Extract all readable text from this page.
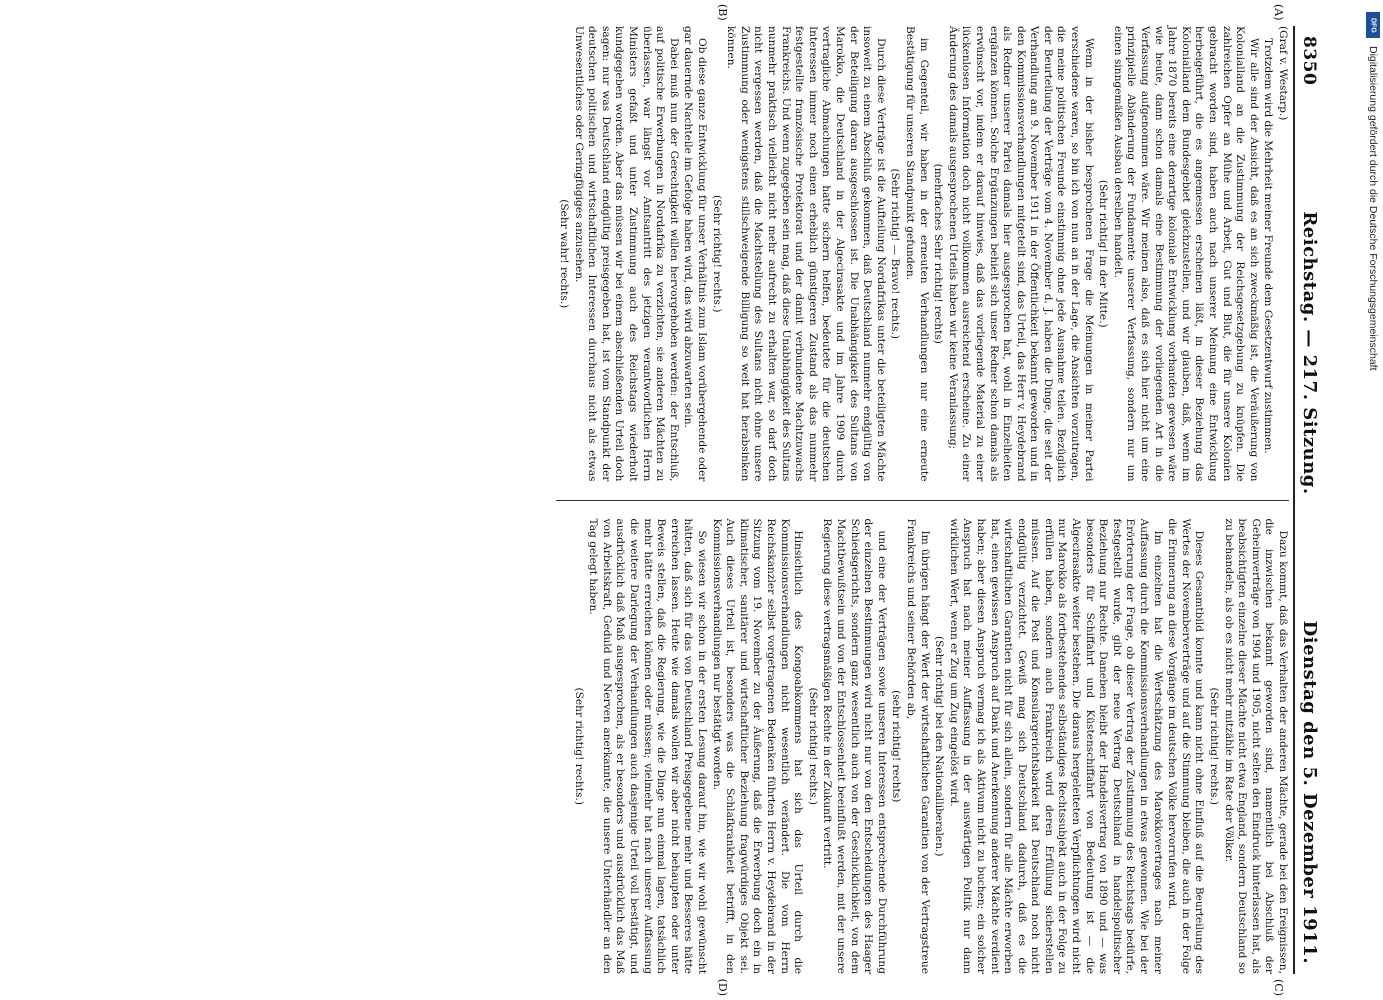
8350
Reichstag. — 217. Sitzung.
Dienstag den 5. Dezember 1911.
(A)
(B)

(Graf v. Westarp.)

Trotzdem wird die Mehrheit meiner Freunde dem Gesetzentwurf zustimmen.

Wir alle sind der Ansicht, daß es an sich zweckmäßig ist, die Veräußerung von Kolonialland an die Zustimmung der Reichsgesetzgebung zu knüpfen. Die zahlreichen Opfer an Mühe und Arbeit, Gut und Blut, die für unsere Kolonien gebracht worden sind, haben auch nach unserer Meinung eine Entwicklung herbeigeführt, die es angemessen erscheinen läßt, in dieser Beziehung das Kolonialland dem Bundesgebiet gleichzustellen, und wir glauben, daß, wenn im Jahre 1870 bereits eine derartige koloniale Entwicklung vorhanden gewesen wäre wie heute, dann schon damals eine Bestimmung der vorliegenden Art in die Verfassung aufgenommen wäre. Wir meinen also, daß es sich hier nicht um eine prinzipielle Abänderung der Fundamente unserer Verfassung, sondern nur um einen sinngemäßen Ausbau derselben handelt.

(Sehr richtig! in der Mitte.)

Wenn in der bisher besprochenen Frage die Meinungen in meiner Partei verschiedene waren, so bin ich von nun an in der Lage, die Ansichten vorzutragen, die meine politischen Freunde einstimmig ohne jede Ausnahme teilen. Bezüglich der Beurteilung der Verträge vom 4. November d. J. haben die Dinge, die seit der Verhandlung am 9. November 1911 in der Öffentlichkeit bekannt geworden und in den Kommissionsverhandlungen mitgeteilt sind, das Urteil, das Herr v. Heydebrand als Redner unserer Partei damals hier ausgesprochen hat, wohl in Einzelheiten ergänzen können. Solche Ergänzungen behielt sich unser Redner schon damals als erwünscht vor, indem er darauf hinwies, daß das vorliegende Material zu einer lückenlosen Information doch nicht vollkommen ausreichend erscheine. Zu einer Änderung des damals ausgesprochenen Urteils haben wir keine Veranlassung;

(mehrfaches Sehr richtig! rechts)

im Gegenteil, wir haben in der erneuten Verhandlungen nur eine erneute Bestätigung für unseren Standpunkt gefunden.

(Sehr richtig! — Bravo! rechts.)

Durch diese Verträge ist die Aufteilung Nordafrikas unter die beteiligten Mächte insoweit zu einem Abschluß gekommen, daß Deutschland nunmehr endgültig von der Beteiligung daran ausgeschlossen ist. Die Unabhängigkeit des Sultans von Marokko, die Deutschland in der Algecirasakte und im Jahre 1909 durch vertragliche Abmachungen hatte sichern helfen, bedeutete für die deutschen Interessen immer noch einen erheblich günstigeren Zustand als das nunmehr festgestellte französische Protektorat und der damit verbundene Machtzuwachs Frankreichs. Und wenn zugegeben sein mag, daß diese Unabhängigkeit des Sultans nunmehr praktisch vielleicht nicht mehr aufrecht zu erhalten war, so darf doch nicht vergessen werden, daß die Machtstellung des Sultans nicht ohne unsere Zustimmung oder wenigstens stillschweigende Billigung so weit hat herabsinken können.

(Sehr richtig! rechts.)

Ob diese ganze Entwicklung für unser Verhältnis zum Islam vorübergehende oder gar dauernde Nachteile im Gefolge haben wird, das wird abzuwarten sein.

Dabei muß nun der Gerechtigkeit willen hervorgehoben werden: der Entschluß, auf politische Erwerbungen in Nordafrika zu verzichten, sie anderen Mächten zu überlassen, war längst vor Amtsantritt des jetzigen verantwortlichen Herrn Ministers gefaßt und unter Zustimmung auch des Reichstags wiederholt kundgegeben worden. Aber das müssen wir bei einem abschließenden Urteil doch sagen: nur was Deutschland endgültig preisgegeben hat, ist vom Standpunkt der deutschen politischen und wirtschaftlichen Interessen durchaus nicht als etwas Unwesentliches oder Geringfügiges anzusehen.

(Sehr wahr! rechts.)

(C)
(D)

Dazu kommt, daß das Verhalten der anderen Mächte, gerade bei den Ereignissen, die inzwischen bekannt geworden sind, namentlich bei Abschluß der Geheimverträge von 1904 und 1905, nicht selten den Eindruck hinterlassen hat, als beabsichtigten einzelne dieser Mächte nicht etwa England, sondern Deutschland so zu behandeln, als ob es nicht mehr mitzähle im Rate der Völker.

(Sehr richtig! rechts.)

Dieses Gesamtbild konnte und kann nicht ohne Einfluß auf die Beurteilung des Wertes der Novemberverträge und auf die Stimmung bleiben, die auch in der Folge die Erinnerung an diese Vorgänge im deutschen Volke hervorrufen wird.

Im einzelnen hat die Wertschätzung des Marokkovertrages nach meiner Auffassung durch die Kommissionsverhandlungen in etwas gewonnen. Wie bei der Erörterung der Frage, ob dieser Vertrag der Zustimmung des Reichstags bedürfe, festgestellt wurde, gibt der neue Vertrag Deutschland in handelspolitischer Beziehung nur Rechte. Daneben bleibt der Handelsvertrag von 1890 und — was besonders für Schiffahrt und Küstenschiffahrt von Bedeutung ist — die Algecirasakte weiter bestehen. Die daraus hergeleiteten Verpflichtungen wird nicht nur Marokko als fortbestehendes selbständiges Rechtssubjekt auch in der Folge zu erfüllen haben, sondern auch Frankreich wird deren Erfüllung sicherstellen müssen. Auf die Post und Konsulargerichtsbarkeit hat Deutschland noch nicht endgültig verzichtet. Gewiß mag sich Deutschland dadurch, daß es die wirtschaftlichen Garantien nicht für sich allein, sondern für alle Mächte erworben hat, einen gewissen Anspruch auf Dank und Anerkennung anderer Mächte verdient haben; aber diesen Anspruch vermag ich als Aktivum nicht zu buchen; ein solcher Anspruch hat nach meiner Auffassung in der auswärtigen Politik nur dann wirklichen Wert, wenn er Zug um Zug eingelöst wird.

(Sehr richtig! bei den Nationalliberalen.)

Im übrigen hängt der Wert der wirtschaftlichen Garantien von der Vertragstreue Frankreichs und seiner Behörden ab,

(sehr richtig! rechts)

und eine der Verträgen sowie unseren Interessen entsprechende Durchführung der einzelnen Bestimmungen wird nicht nur von den Entscheidungen des Haager Schiedsgerichts, sondern ganz wesentlich auch von der Geschicklichkeit, von dem Machtbewußtsein und von der Entschlossenheit beeinflußt werden, mit der unsere Regierung diese vertragsmäßigen Rechte in der Zukunft vertritt.

(Sehr richtig! rechts.)

Hinsichtlich des Kongoabkommens hat sich das Urteil durch die Kommissionsverhandlungen nicht wesentlich verändert. Die vom Herrn Reichskanzler selbst vorgetragenen Bedenken führten Herrn v. Heydebrand in der Sitzung vom 19. November zu der Äußerung, daß die Erwerbung doch ein in klimatischer, sanitärer und wirtschaftlicher Beziehung fragwürdiges Objekt sei. Auch dieses Urteil ist, besonders was die Schlafkrankheit betrifft, in den Kommissionsverhandlungen nur bestätigt worden.

So wiesen wir schon in der ersten Lesung darauf hin, wie wir wohl gewünscht hätten, daß sich für das von Deutschland Preisgegebene mehr und Besseres hätte erreichen lassen. Heute wie damals wollen wir aber nicht behaupten oder unter Beweis stellen, daß die Regierung, wie die Dinge nun einmal lagen, tatsächlich mehr hätte erreichen können oder müssen; vielmehr hat nach unserer Auffassung die weitere Darlegung der Verhandlungen auch dasjenige Urteil voll bestätigt, und ausdrücklich daß Maß ausgesprochen, als er besonders und ausdrücklich das Maß von Arbeitskraft, Geduld und Nerven anerkannte, die unsere Unterhändler an den Tag gelegt haben.

(Sehr richtig! rechts.)

DFG
Digitalisierung gefördert durch die Deutsche Forschungsgemeinschaft
